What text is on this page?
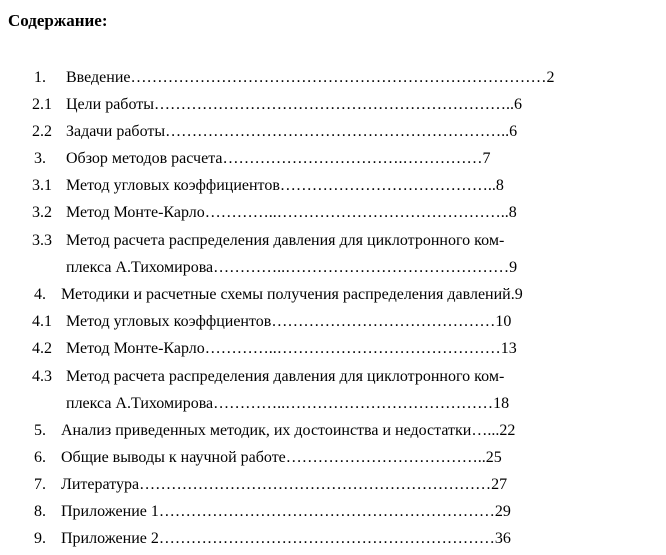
Содержание:
1. Введение……………………………………………………………………2
2.1 Цели работы…………………………………………………………..6
2.2 Задачи работы………………………………………………………..6
3. Обзор методов расчета…………………………….……………7
3.1 Метод угловых коэффициентов…………………………………..8
3.2 Метод Монте-Карло…………..……………………………………..8
3.3 Метод расчета распределения давления для циклотронного ком-
плекса А.Тихомирова…………..……………………………………9
4. Методики и расчетные схемы получения распределения давлений.9
4.1 Метод угловых коэффциентов……………………………………10
4.2 Метод Монте-Карло…………..……………………………………13
4.3 Метод расчета распределения давления для циклотронного ком-
плекса А.Тихомирова…………..…………………………………18
5. Анализ приведенных методик, их достоинства и недостатки…...22
6. Общие выводы к научной работе………………………………..25
7. Литература…………………………………………………………27
8. Приложение 1………………………………………………………29
9. Приложение 2………………………………………………………36
